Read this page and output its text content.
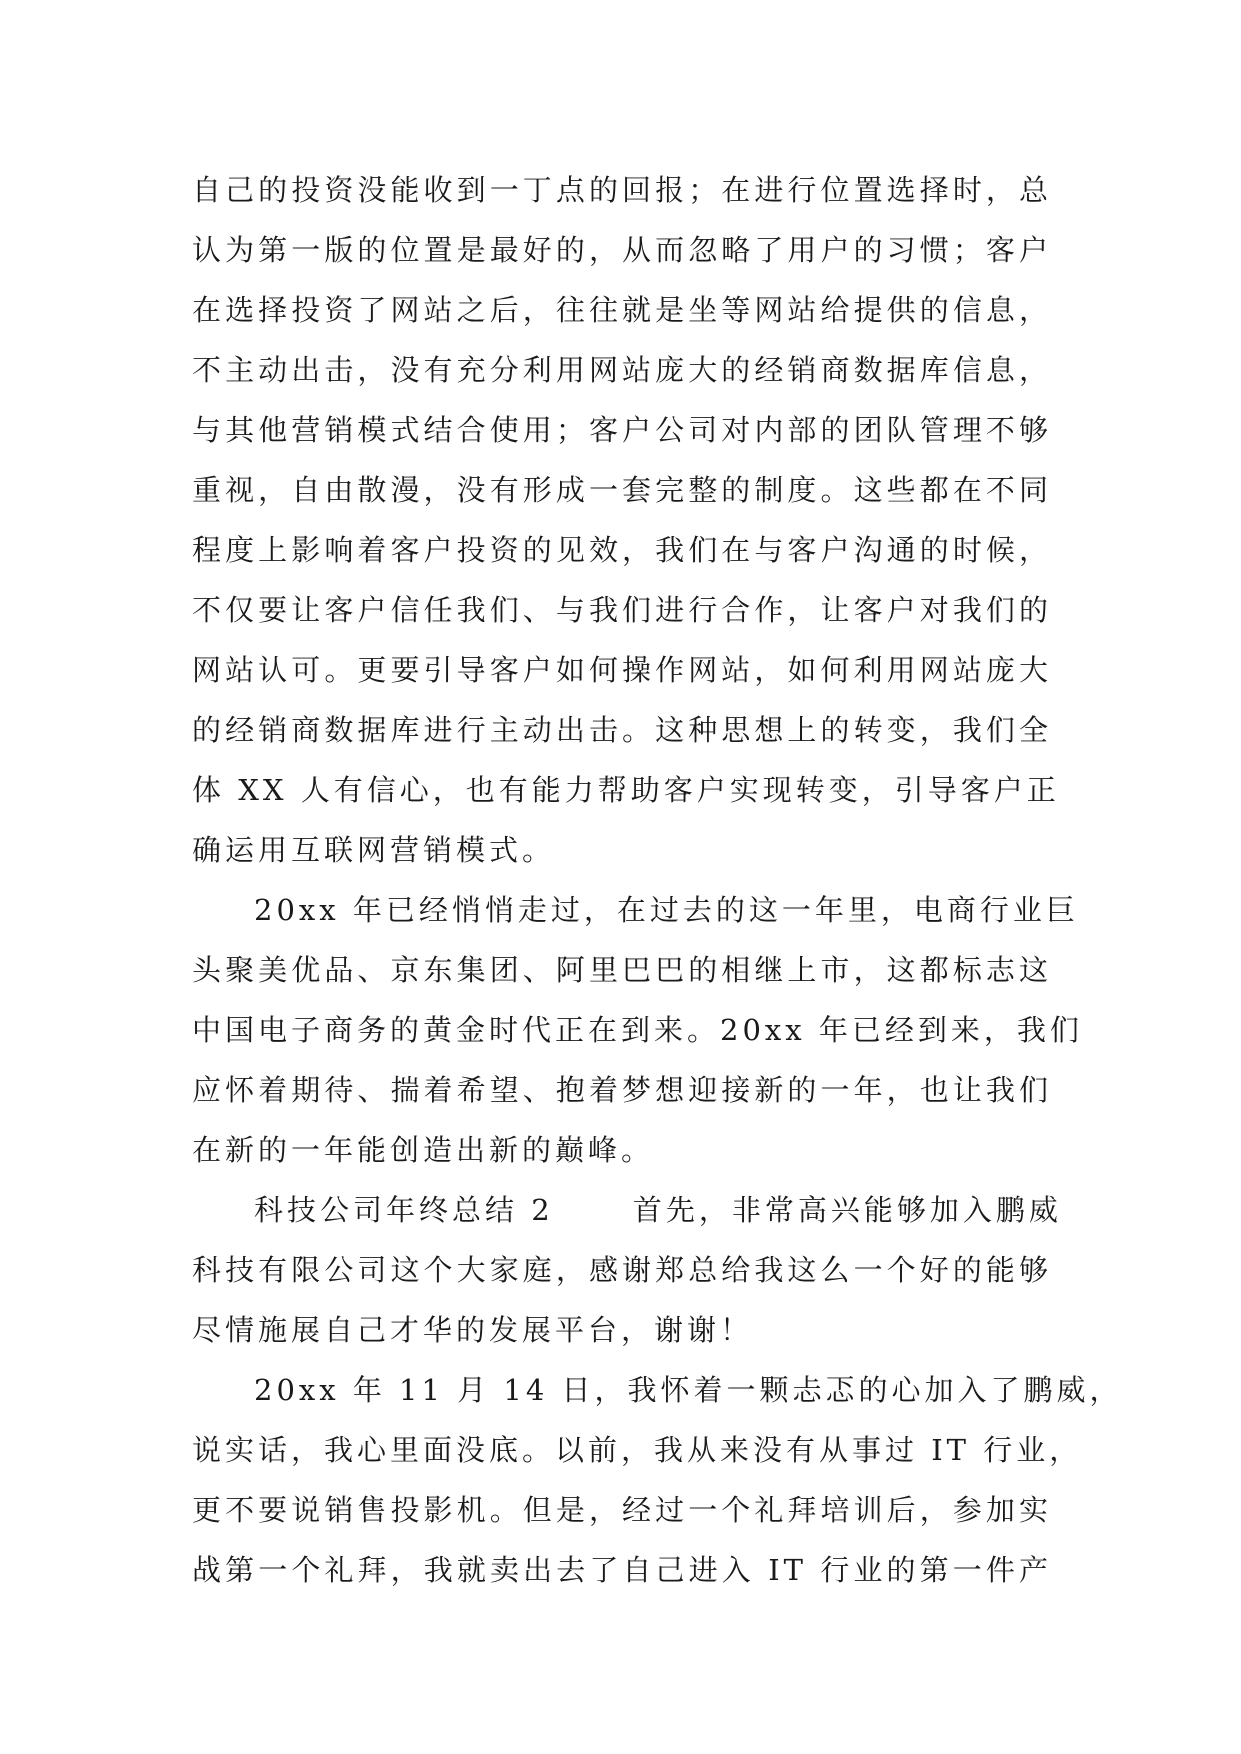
自己的投资没能收到一丁点的回报；在进行位置选择时，总
认为第一版的位置是最好的，从而忽略了用户的习惯；客户
在选择投资了网站之后，往往就是坐等网站给提供的信息，
不主动出击，没有充分利用网站庞大的经销商数据库信息，
与其他营销模式结合使用；客户公司对内部的团队管理不够
重视，自由散漫，没有形成一套完整的制度。这些都在不同
程度上影响着客户投资的见效，我们在与客户沟通的时候，
不仅要让客户信任我们、与我们进行合作，让客户对我们的
网站认可。更要引导客户如何操作网站，如何利用网站庞大
的经销商数据库进行主动出击。这种思想上的转变，我们全
体 XX 人有信心，也有能力帮助客户实现转变，引导客户正
确运用互联网营销模式。
20xx 年已经悄悄走过，在过去的这一年里，电商行业巨
头聚美优品、京东集团、阿里巴巴的相继上市，这都标志这
中国电子商务的黄金时代正在到来。20xx 年已经到来，我们
应怀着期待、揣着希望、抱着梦想迎接新的一年，也让我们
在新的一年能创造出新的巅峰。
科技公司年终总结 2　　 首先，非常高兴能够加入鹏威
科技有限公司这个大家庭，感谢郑总给我这么一个好的能够
尽情施展自己才华的发展平台，谢谢！
20xx 年 11 月 14 日，我怀着一颗忐忑的心加入了鹏威，
说实话，我心里面没底。以前，我从来没有从事过 IT 行业，
更不要说销售投影机。但是，经过一个礼拜培训后，参加实
战第一个礼拜，我就卖出去了自己进入 IT 行业的第一件产
